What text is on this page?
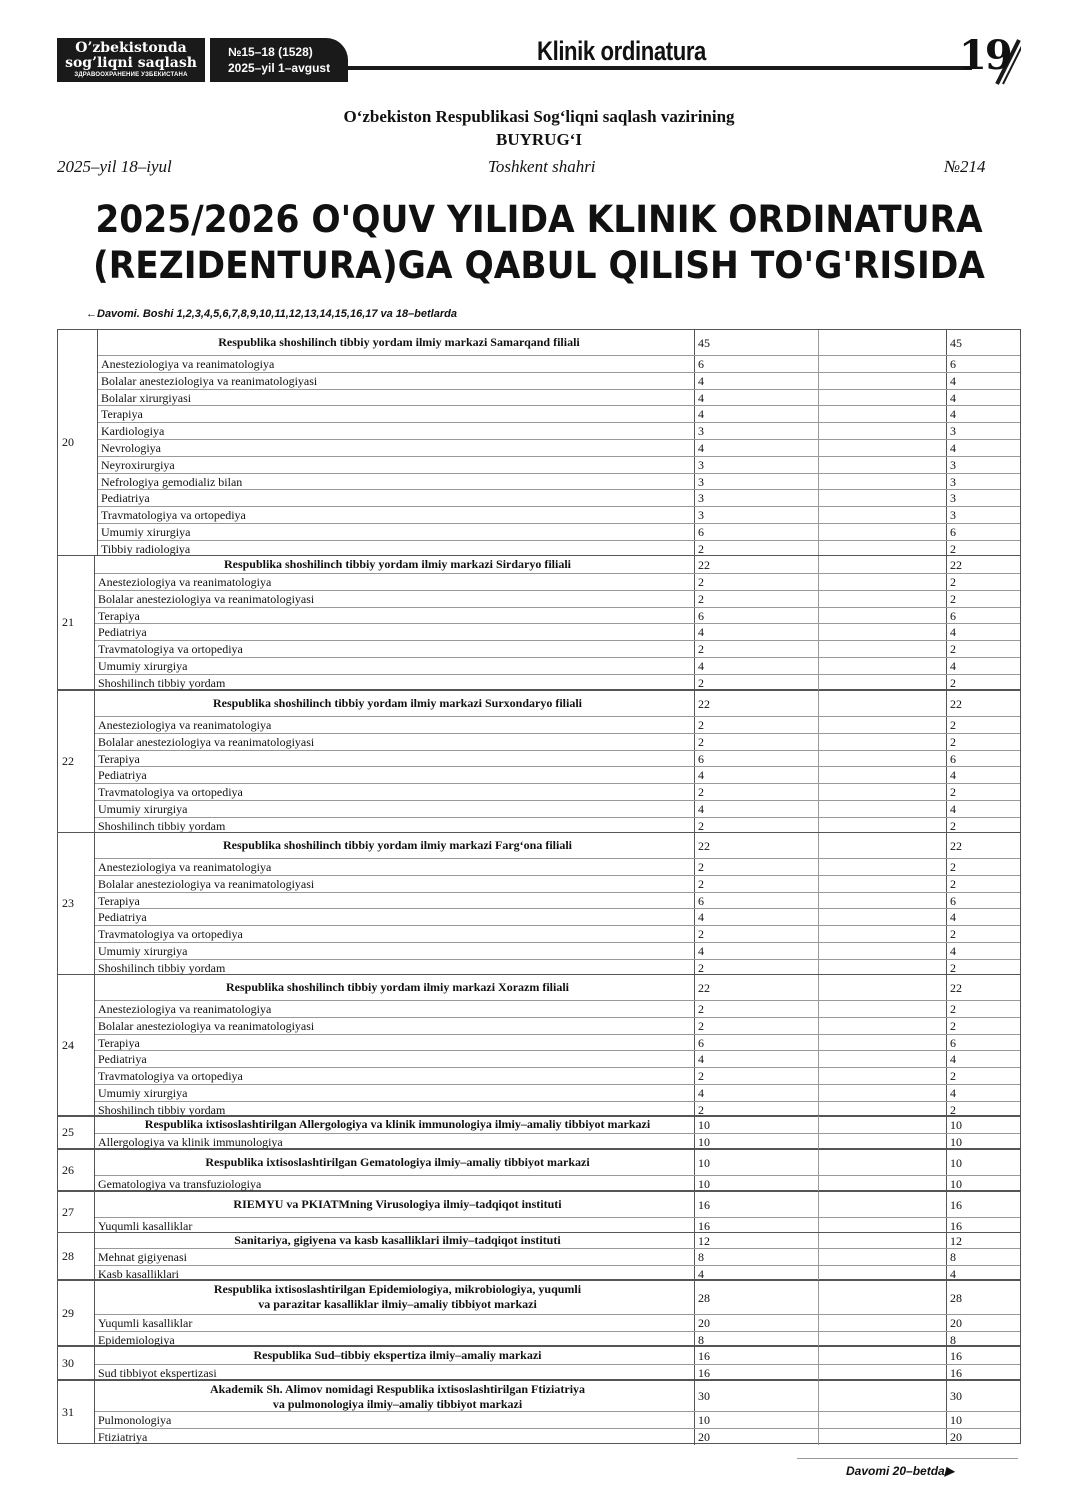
O’zbekistonda
sog’liqni saqlash
ЗДРАВООХРАНЕНИЕ УЗБЕКИСТАНА
№15–18 (1528)
2025–yil 1–avgust
Klinik ordinatura	19
O‘zbekiston Respublikasi Sog‘liqni saqlash vazirining
BUYRUG‘I
2025–yil 18–iyul	Toshkent shahri	№214
2025/2026 O'QUV YILIDA KLINIK ORDINATURA
(REZIDENTURA)GA QABUL QILISH TO'G'RISIDA
←Davomi. Boshi 1,2,3,4,5,6,7,8,9,10,11,12,13,14,15,16,17 va 18–betlarda
20
Respublika shoshilinch tibbiy yordam ilmiy markazi Samarqand filiali	45	45
Anesteziologiya va reanimatologiya	6	6
Bolalar anesteziologiya va reanimatologiyasi	4	4
Bolalar xirurgiyasi	4	4
Terapiya	4	4
Kardiologiya	3	3
Nevrologiya	4	4
Neyroxirurgiya	3	3
Nefrologiya gemodializ bilan	3	3
Pediatriya	3	3
Travmatologiya va ortopediya	3	3
Umumiy xirurgiya	6	6
Tibbiy radiologiya	2	2
21
Respublika shoshilinch tibbiy yordam ilmiy markazi Sirdaryo filiali	22	22
Anesteziologiya va reanimatologiya	2	2
Bolalar anesteziologiya va reanimatologiyasi	2	2
Terapiya	6	6
Pediatriya	4	4
Travmatologiya va ortopediya	2	2
Umumiy xirurgiya	4	4
Shoshilinch tibbiy yordam	2	2
22
Respublika shoshilinch tibbiy yordam ilmiy markazi Surxondaryo filiali	22	22
Anesteziologiya va reanimatologiya	2	2
Bolalar anesteziologiya va reanimatologiyasi	2	2
Terapiya	6	6
Pediatriya	4	4
Travmatologiya va ortopediya	2	2
Umumiy xirurgiya	4	4
Shoshilinch tibbiy yordam	2	2
23
Respublika shoshilinch tibbiy yordam ilmiy markazi Farg‘ona filiali	22	22
Anesteziologiya va reanimatologiya	2	2
Bolalar anesteziologiya va reanimatologiyasi	2	2
Terapiya	6	6
Pediatriya	4	4
Travmatologiya va ortopediya	2	2
Umumiy xirurgiya	4	4
Shoshilinch tibbiy yordam	2	2
24
Respublika shoshilinch tibbiy yordam ilmiy markazi Xorazm filiali	22	22
Anesteziologiya va reanimatologiya	2	2
Bolalar anesteziologiya va reanimatologiyasi	2	2
Terapiya	6	6
Pediatriya	4	4
Travmatologiya va ortopediya	2	2
Umumiy xirurgiya	4	4
Shoshilinch tibbiy yordam	2	2
25
Respublika ixtisoslashtirilgan Allergologiya va klinik immunologiya ilmiy–amaliy tibbiyot markazi	10	10
Allergologiya va klinik immunologiya	10	10
26
Respublika ixtisoslashtirilgan Gematologiya ilmiy–amaliy tibbiyot markazi	10	10
Gematologiya va transfuziologiya	10	10
27
RIEMYU va PKIATMning Virusologiya ilmiy–tadqiqot instituti	16	16
Yuqumli kasalliklar	16	16
28
Sanitariya, gigiyena va kasb kasalliklari ilmiy–tadqiqot instituti	12	12
Mehnat gigiyenasi	8	8
Kasb kasalliklari	4	4
29
Respublika ixtisoslashtirilgan Epidemiologiya, mikrobiologiya, yuqumli
va parazitar kasalliklar ilmiy–amaliy tibbiyot markazi	28	28
Yuqumli kasalliklar	20	20
Epidemiologiya	8	8
30
Respublika Sud–tibbiy ekspertiza ilmiy–amaliy markazi	16	16
Sud tibbiyot ekspertizasi	16	16
31
Akademik Sh. Alimov nomidagi Respublika ixtisoslashtirilgan Ftiziatriya
va pulmonologiya ilmiy–amaliy tibbiyot markazi
30	30
Pulmonologiya	10	10
Ftiziatriya	20	20
Davomi 20–betda▶
